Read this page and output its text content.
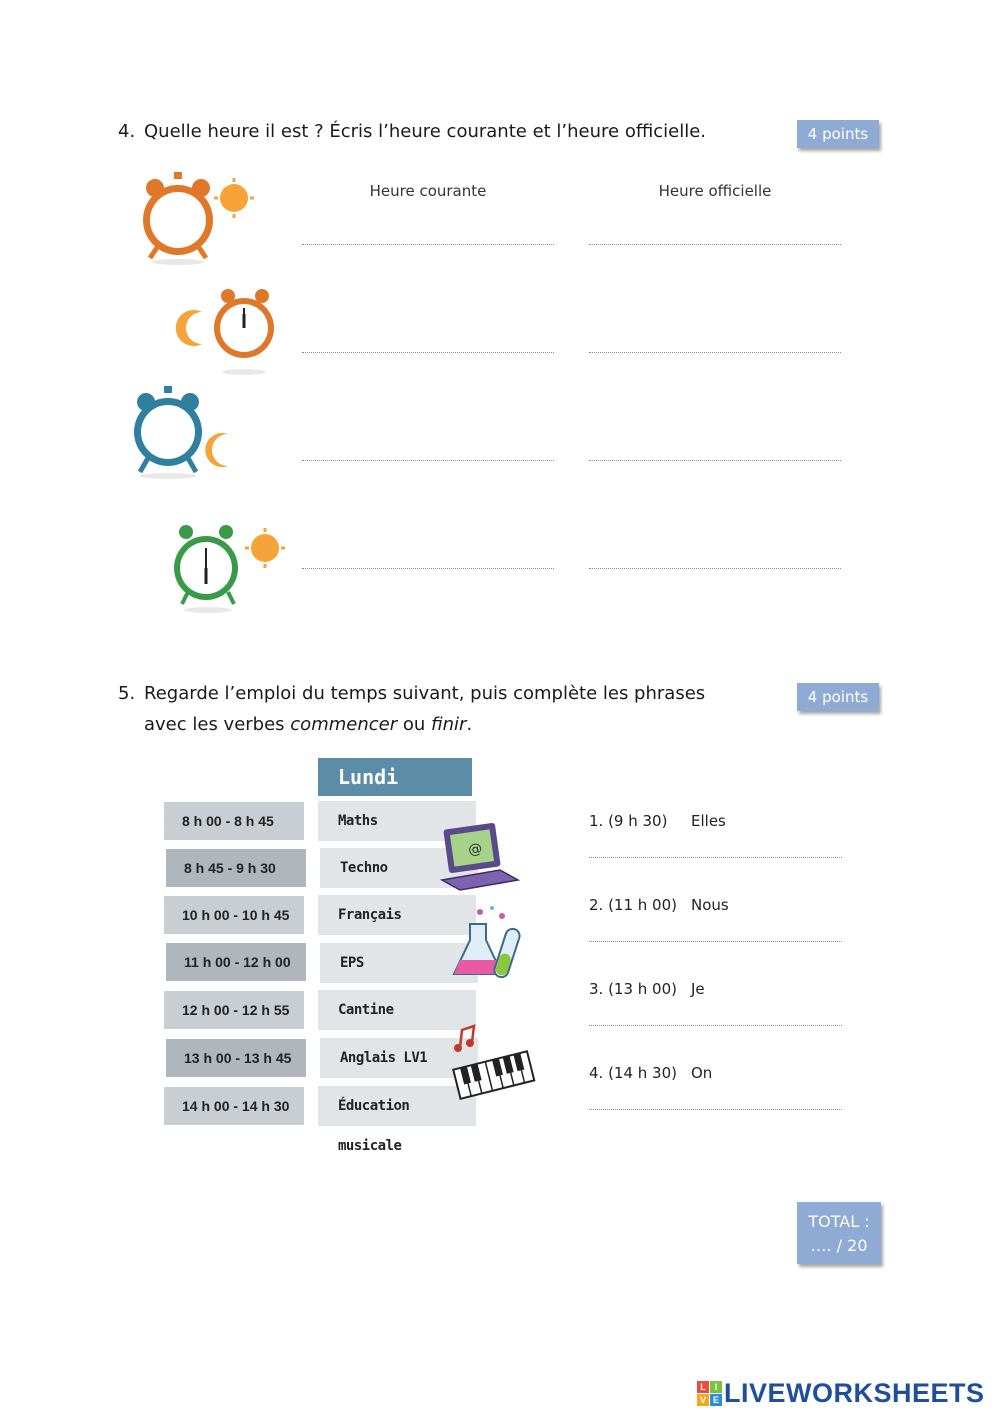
4. Quelle heure il est ? Écris l’heure courante et l’heure officielle.	4 points
Heure courante	Heure officielle
5. Regarde l’emploi du temps suivant, puis complète les phrases
avec les verbes commencer ou finir.
4 points
Lundi
8 h 00 - 8 h 45
8 h 45 - 9 h 30
10 h 00 - 10 h 45
11 h 00 - 12 h 00
12 h 00 - 12 h 55
13 h 00 - 13 h 45
14 h 00 - 14 h 30
Maths
Techno
Français
EPS
Cantine
Anglais LV1
Éducation musicale
@
1. (9 h 30) Elles
2. (11 h 00) Nous
3. (13 h 00) Je
4. (14 h 30) On
TOTAL :
…. / 20
L I
V E LIVEWORKSHEETS
